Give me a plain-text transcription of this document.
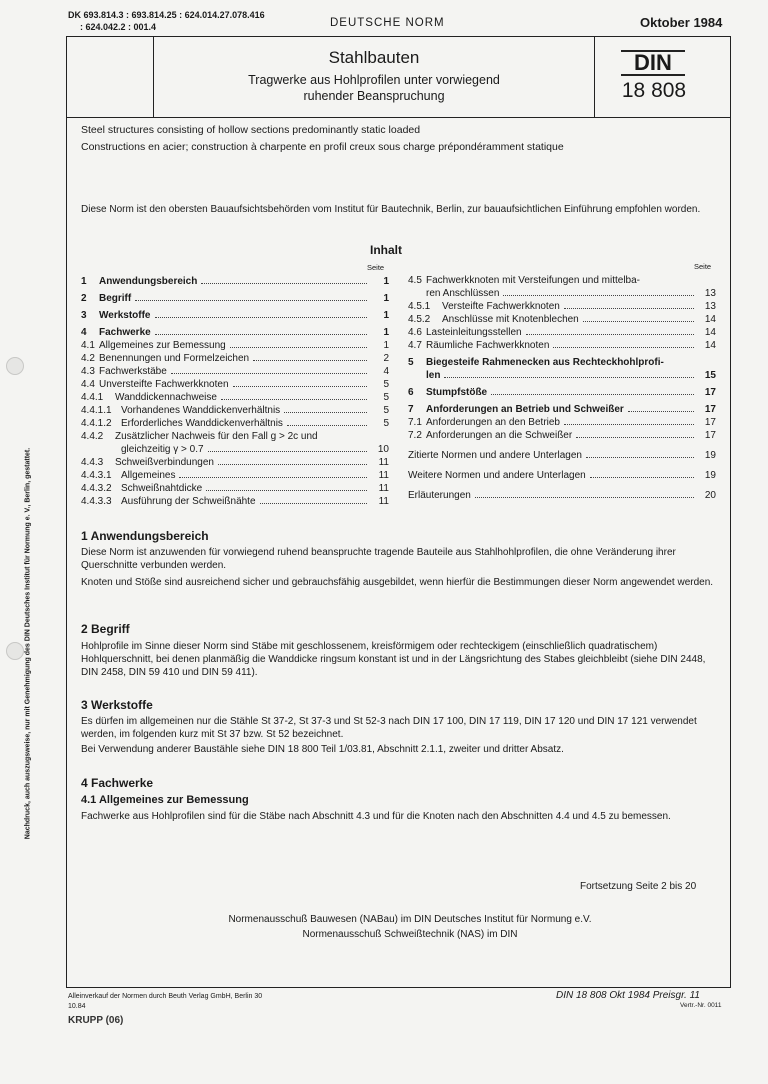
Nachdruck, auch auszugsweise, nur mit Genehmigung des DIN Deutsches Institut für Normung e. V., Berlin, gestattet.
DK 693.814.3 : 693.814.25 : 624.014.27.078.416
: 624.042.2 : 001.4	DEUTSCHE NORM	Oktober 1984
Stahlbauten
Tragwerke aus Hohlprofilen unter vorwiegend
ruhender Beanspruchung
DIN
18 808
Steel structures consisting of hollow sections predominantly static loaded
Constructions en acier; construction à charpente en profil creux sous charge prépondéramment statique
Diese Norm ist den obersten Bauaufsichtsbehörden vom Institut für Bautechnik, Berlin, zur bauaufsichtlichen Einführung empfohlen worden.
Inhalt
Seite	Seite
1	Anwendungsbereich	1
2	Begriff	1
3	Werkstoffe	1
4	Fachwerke	1
4.1 Allgemeines zur Bemessung	1
4.2 Benennungen und Formelzeichen	2
4.3 Fachwerkstäbe	4
4.4 Unversteifte Fachwerkknoten	5
4.4.1	Wanddickennachweise	5
4.4.1.1 Vorhandenes Wanddickenverhältnis	5
4.4.1.2 Erforderliches Wanddickenverhältnis	5
4.4.2	Zusätzlicher Nachweis für den Fall g > 2c und
gleichzeitig γ > 0.7	10
4.4.3	Schweißverbindungen	11
4.4.3.1 Allgemeines	11
4.4.3.2 Schweißnahtdicke	11
4.4.3.3 Ausführung der Schweißnähte	11
4.5 Fachwerkknoten mit Versteifungen und mittelba-
ren Anschlüssen	13
4.5.1	Versteifte Fachwerkknoten	13
4.5.2	Anschlüsse mit Knotenblechen	14
4.6 Lasteinleitungsstellen	14
4.7 Räumliche Fachwerkknoten	14
5	Biegesteife Rahmenecken aus Rechteckhohlprofi-
len	15
6	Stumpfstöße	17
7	Anforderungen an Betrieb und Schweißer	17
7.1 Anforderungen an den Betrieb	17
7.2 Anforderungen an die Schweißer	17
Zitierte Normen und andere Unterlagen	19
Weitere Normen und andere Unterlagen	19
Erläuterungen	20
1 Anwendungsbereich
Diese Norm ist anzuwenden für vorwiegend ruhend beanspruchte tragende Bauteile aus Stahlhohlprofilen, die ohne Veränderung ihrer Querschnitte verbunden werden.
Knoten und Stöße sind ausreichend sicher und gebrauchsfähig ausgebildet, wenn hierfür die Bestimmungen dieser Norm angewendet werden.
2 Begriff
Hohlprofile im Sinne dieser Norm sind Stäbe mit geschlossenem, kreisförmigem oder rechteckigem (einschließlich quadratischem) Hohlquerschnitt, bei denen planmäßig die Wanddicke ringsum konstant ist und in der Längsrichtung des Stabes gleichbleibt (siehe DIN 2448, DIN 2458, DIN 59 410 und DIN 59 411).
3 Werkstoffe
Es dürfen im allgemeinen nur die Stähle St 37-2, St 37-3 und St 52-3 nach DIN 17 100, DIN 17 119, DIN 17 120 und DIN 17 121 verwendet werden, im folgenden kurz mit St 37 bzw. St 52 bezeichnet.
Bei Verwendung anderer Baustähle siehe DIN 18 800 Teil 1/03.81, Abschnitt 2.1.1, zweiter und dritter Absatz.
4 Fachwerke
4.1 Allgemeines zur Bemessung
Fachwerke aus Hohlprofilen sind für die Stäbe nach Abschnitt 4.3 und für die Knoten nach den Abschnitten 4.4 und 4.5 zu bemessen.
Fortsetzung Seite 2 bis 20
Normenausschuß Bauwesen (NABau) im DIN Deutsches Institut für Normung e.V.
Normenausschuß Schweißtechnik (NAS) im DIN
Alleinverkauf der Normen durch Beuth Verlag GmbH, Berlin 30
10.84
DIN 18 808 Okt 1984 Preisgr. 11
Vertr.-Nr. 0011
KRUPP (06)
